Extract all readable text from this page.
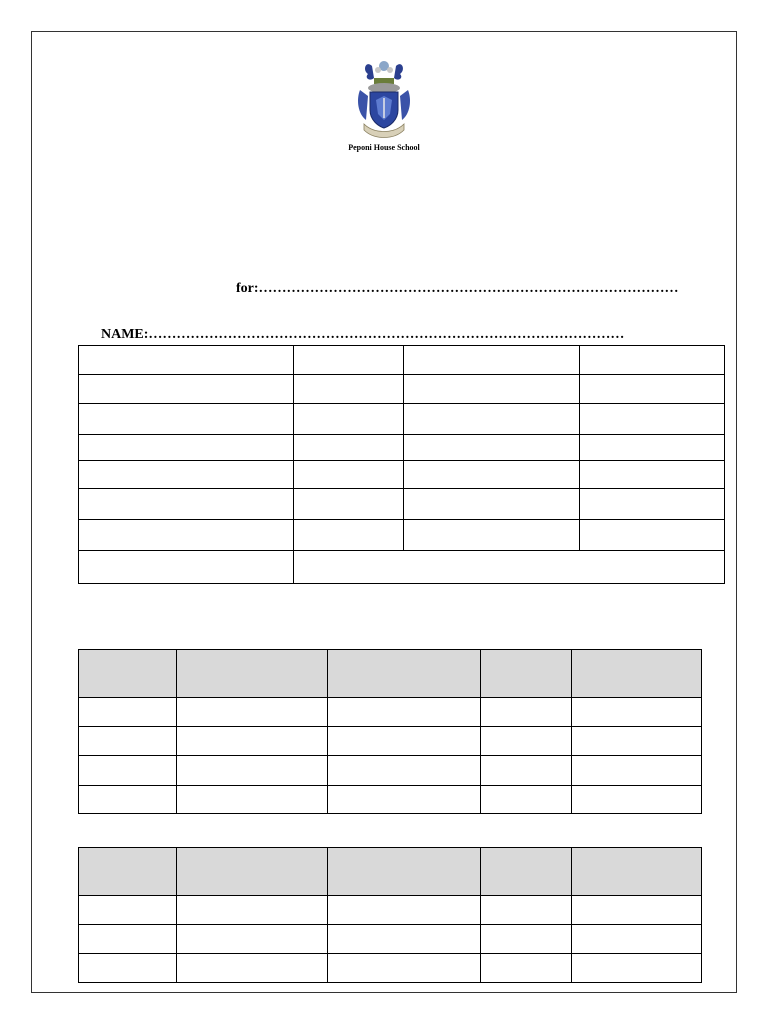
Peponi House School
for:………………………………………………………………………………
NAME:…………………………………………………………………………………………
